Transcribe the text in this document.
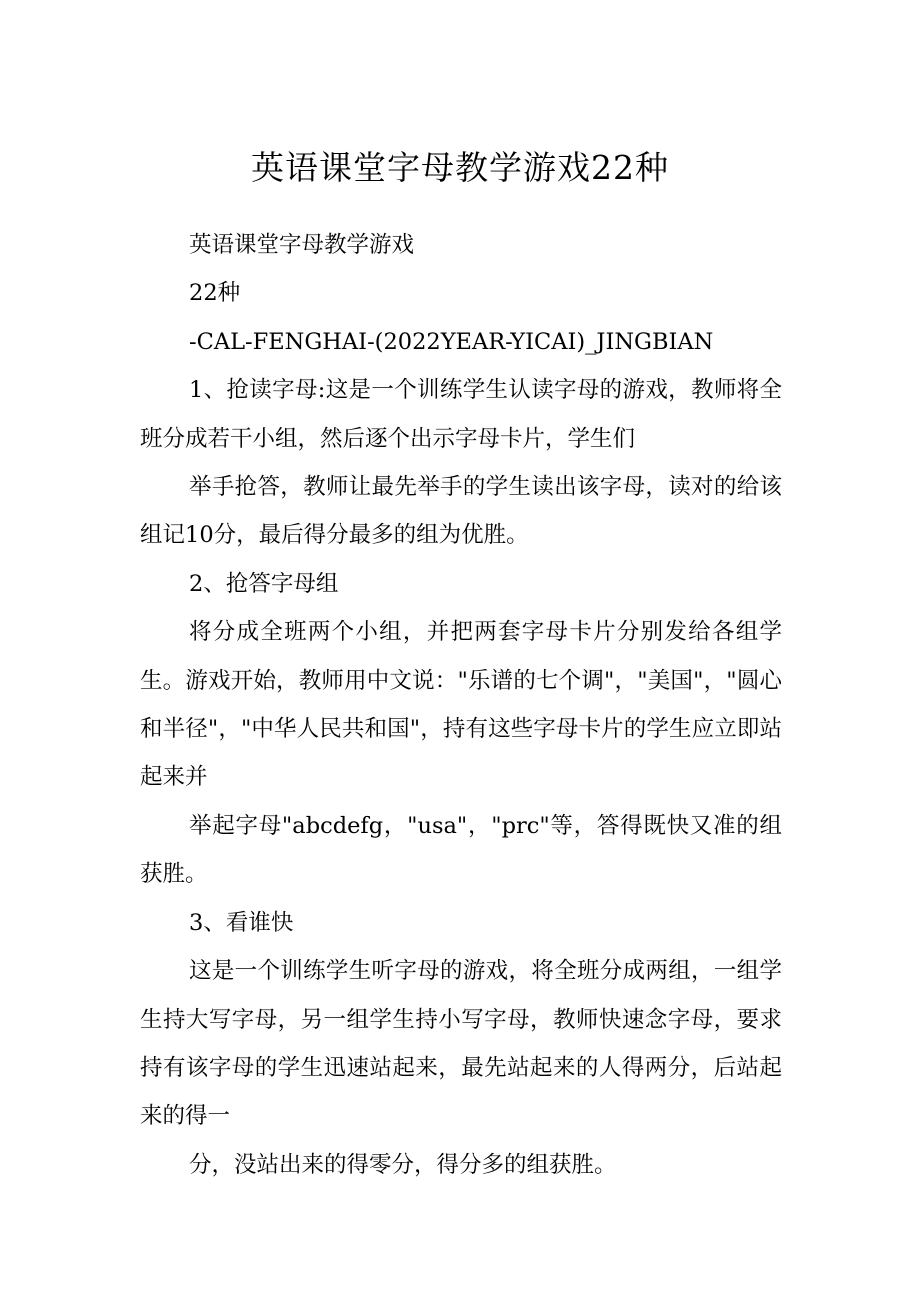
英语课堂字母教学游戏22种

英语课堂字母教学游戏

22种

-CAL-FENGHAI-(2022YEAR-YICAI)_JINGBIAN

1、抢读字母:这是一个训练学生认读字母的游戏，教师将全班分成若干小组，然后逐个出示字母卡片，学生们

举手抢答，教师让最先举手的学生读出该字母，读对的给该组记10分，最后得分最多的组为优胜。

2、抢答字母组

将分成全班两个小组，并把两套字母卡片分别发给各组学生。游戏开始，教师用中文说："乐谱的七个调"，"美国"，"圆心和半径"，"中华人民共和国"，持有这些字母卡片的学生应立即站起来并

举起字母"abcdefg，"usa"，"prc"等，答得既快又准的组获胜。

3、看谁快

这是一个训练学生听字母的游戏，将全班分成两组，一组学生持大写字母，另一组学生持小写字母，教师快速念字母，要求持有该字母的学生迅速站起来，最先站起来的人得两分，后站起来的得一

分，没站出来的得零分，得分多的组获胜。
